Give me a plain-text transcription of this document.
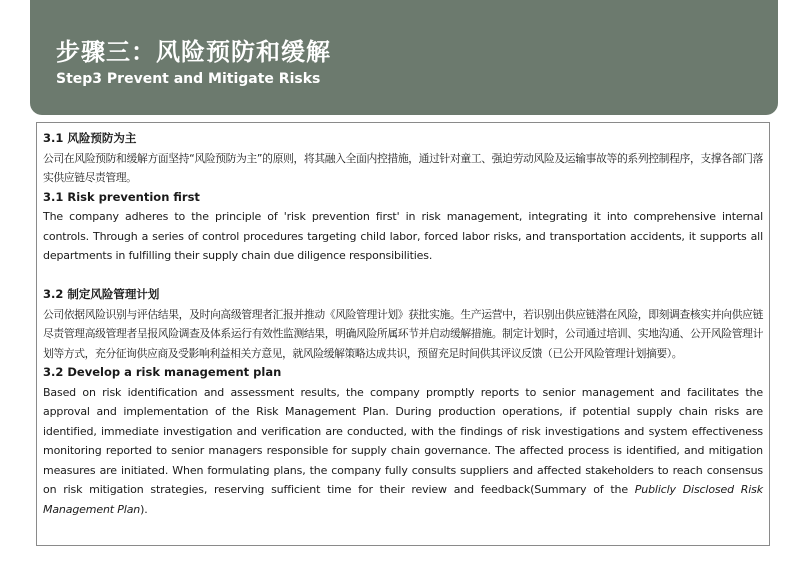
步骤三：风险预防和缓解
Step3 Prevent and Mitigate Risks

3.1 风险预防为主

公司在风险预防和缓解方面坚持“风险预防为主”的原则，将其融入全面内控措施，通过针对童工、强迫劳动风险及运输事故等的系列控制程序，支撑各部门落实供应链尽责管理。

3.1 Risk prevention first

The company adheres to the principle of 'risk prevention first' in risk management, integrating it into comprehensive internal controls. Through a series of control procedures targeting child labor, forced labor risks, and transportation accidents, it supports all departments in fulfilling their supply chain due diligence responsibilities.

3.2 制定风险管理计划

公司依据风险识别与评估结果，及时向高级管理者汇报并推动《风险管理计划》获批实施。生产运营中，若识别出供应链潜在风险，即刻调查核实并向供应链尽责管理高级管理者呈报风险调查及体系运行有效性监测结果，明确风险所属环节并启动缓解措施。制定计划时，公司通过培训、实地沟通、公开风险管理计划等方式，充分征询供应商及受影响利益相关方意见，就风险缓解策略达成共识，预留充足时间供其评议反馈（已公开风险管理计划摘要）。

3.2 Develop a risk management plan

Based on risk identification and assessment results, the company promptly reports to senior management and facilitates the approval and implementation of the Risk Management Plan. During production operations, if potential supply chain risks are identified, immediate investigation and verification are conducted, with the findings of risk investigations and system effectiveness monitoring reported to senior managers responsible for supply chain governance. The affected process is identified, and mitigation measures are initiated. When formulating plans, the company fully consults suppliers and affected stakeholders to reach consensus on risk mitigation strategies, reserving sufficient time for their review and feedback(Summary of the Publicly Disclosed Risk Management Plan).
